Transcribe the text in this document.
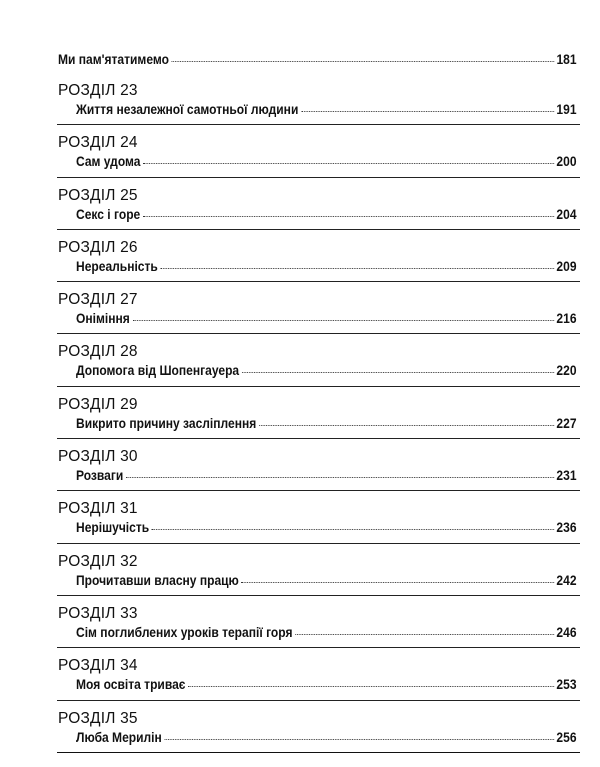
Ми пам'ятатимемо	181
РОЗДІЛ 23
Життя незалежної самотньої людини	191
РОЗДІЛ 24
Сам удома	200
РОЗДІЛ 25
Секс і горе	204
РОЗДІЛ 26
Нереальність	209
РОЗДІЛ 27
Оніміння	216
РОЗДІЛ 28
Допомога від Шопенгауера	220
РОЗДІЛ 29
Викрито причину засліплення	227
РОЗДІЛ 30
Розваги	231
РОЗДІЛ 31
Нерішучість	236
РОЗДІЛ 32
Прочитавши власну працю	242
РОЗДІЛ 33
Сім поглиблених уроків терапії горя	246
РОЗДІЛ 34
Моя освіта триває	253
РОЗДІЛ 35
Люба Мерилін	256
